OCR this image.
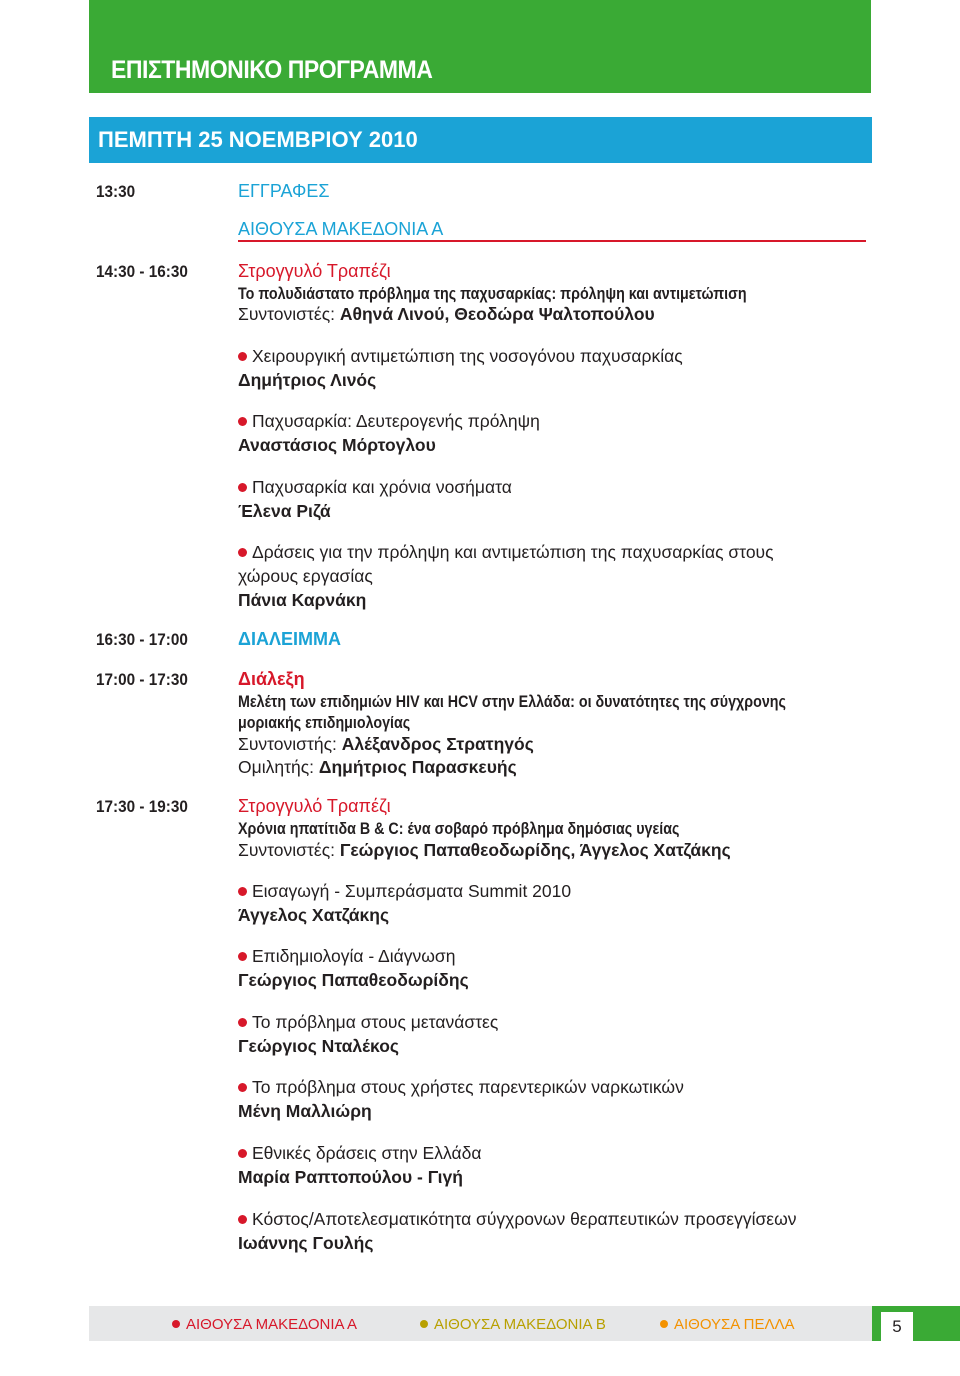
ΕΠΙΣΤΗΜΟΝΙΚΟ ΠΡΟΓΡΑΜΜΑ
ΠΕΜΠΤΗ 25 ΝΟΕΜΒΡΙΟΥ 2010
13:30	ΕΓΓΡΑΦΕΣ
ΑΙΘΟΥΣΑ ΜΑΚΕΔΟΝΙΑ Α
14:30 - 16:30	Στρογγυλό Τραπέζι
Το πολυδιάστατο πρόβλημα της παχυσαρκίας: πρόληψη και αντιμετώπιση
Συντονιστές: Αθηνά Λινού, Θεοδώρα Ψαλτοπούλου
Χειρουργική αντιμετώπιση της νοσογόνου παχυσαρκίας
Δημήτριος Λινός
Παχυσαρκία: Δευτερογενής πρόληψη
Αναστάσιος Μόρτογλου
Παχυσαρκία και χρόνια νοσήματα
Έλενα Ριζά
Δράσεις για την πρόληψη και αντιμετώπιση της παχυσαρκίας στους
χώρους εργασίας
Πάνια Καρνάκη
16:30 - 17:00	ΔΙΑΛΕΙΜΜΑ
17:00 - 17:30	Διάλεξη
Μελέτη των επιδημιών HIV και HCV στην Ελλάδα: οι δυνατότητες της σύγχρονης
μοριακής επιδημιολογίας
Συντονιστής: Αλέξανδρος Στρατηγός
Ομιλητής: Δημήτριος Παρασκευής
17:30 - 19:30	Στρογγυλό Τραπέζι
Χρόνια ηπατίτιδα B & C: ένα σοβαρό πρόβλημα δημόσιας υγείας
Συντονιστές: Γεώργιος Παπαθεοδωρίδης, Άγγελος Χατζάκης
Εισαγωγή - Συμπεράσματα Summit 2010
Άγγελος Χατζάκης
Επιδημιολογία - Διάγνωση
Γεώργιος Παπαθεοδωρίδης
Το πρόβλημα στους μετανάστες
Γεώργιος Νταλέκος
Το πρόβλημα στους χρήστες παρεντερικών ναρκωτικών
Μένη Μαλλιώρη
Εθνικές δράσεις στην Ελλάδα
Μαρία Ραπτοπούλου - Γιγή
Κόστος/Αποτελεσματικότητα σύγχρονων θεραπευτικών προσεγγίσεων
Ιωάννης Γουλής
ΑΙΘΟΥΣΑ ΜΑΚΕΔΟΝΙΑ Α	ΑΙΘΟΥΣΑ ΜΑΚΕΔΟΝΙΑ Β	ΑΙΘΟΥΣΑ ΠΕΛΛΑ	5
